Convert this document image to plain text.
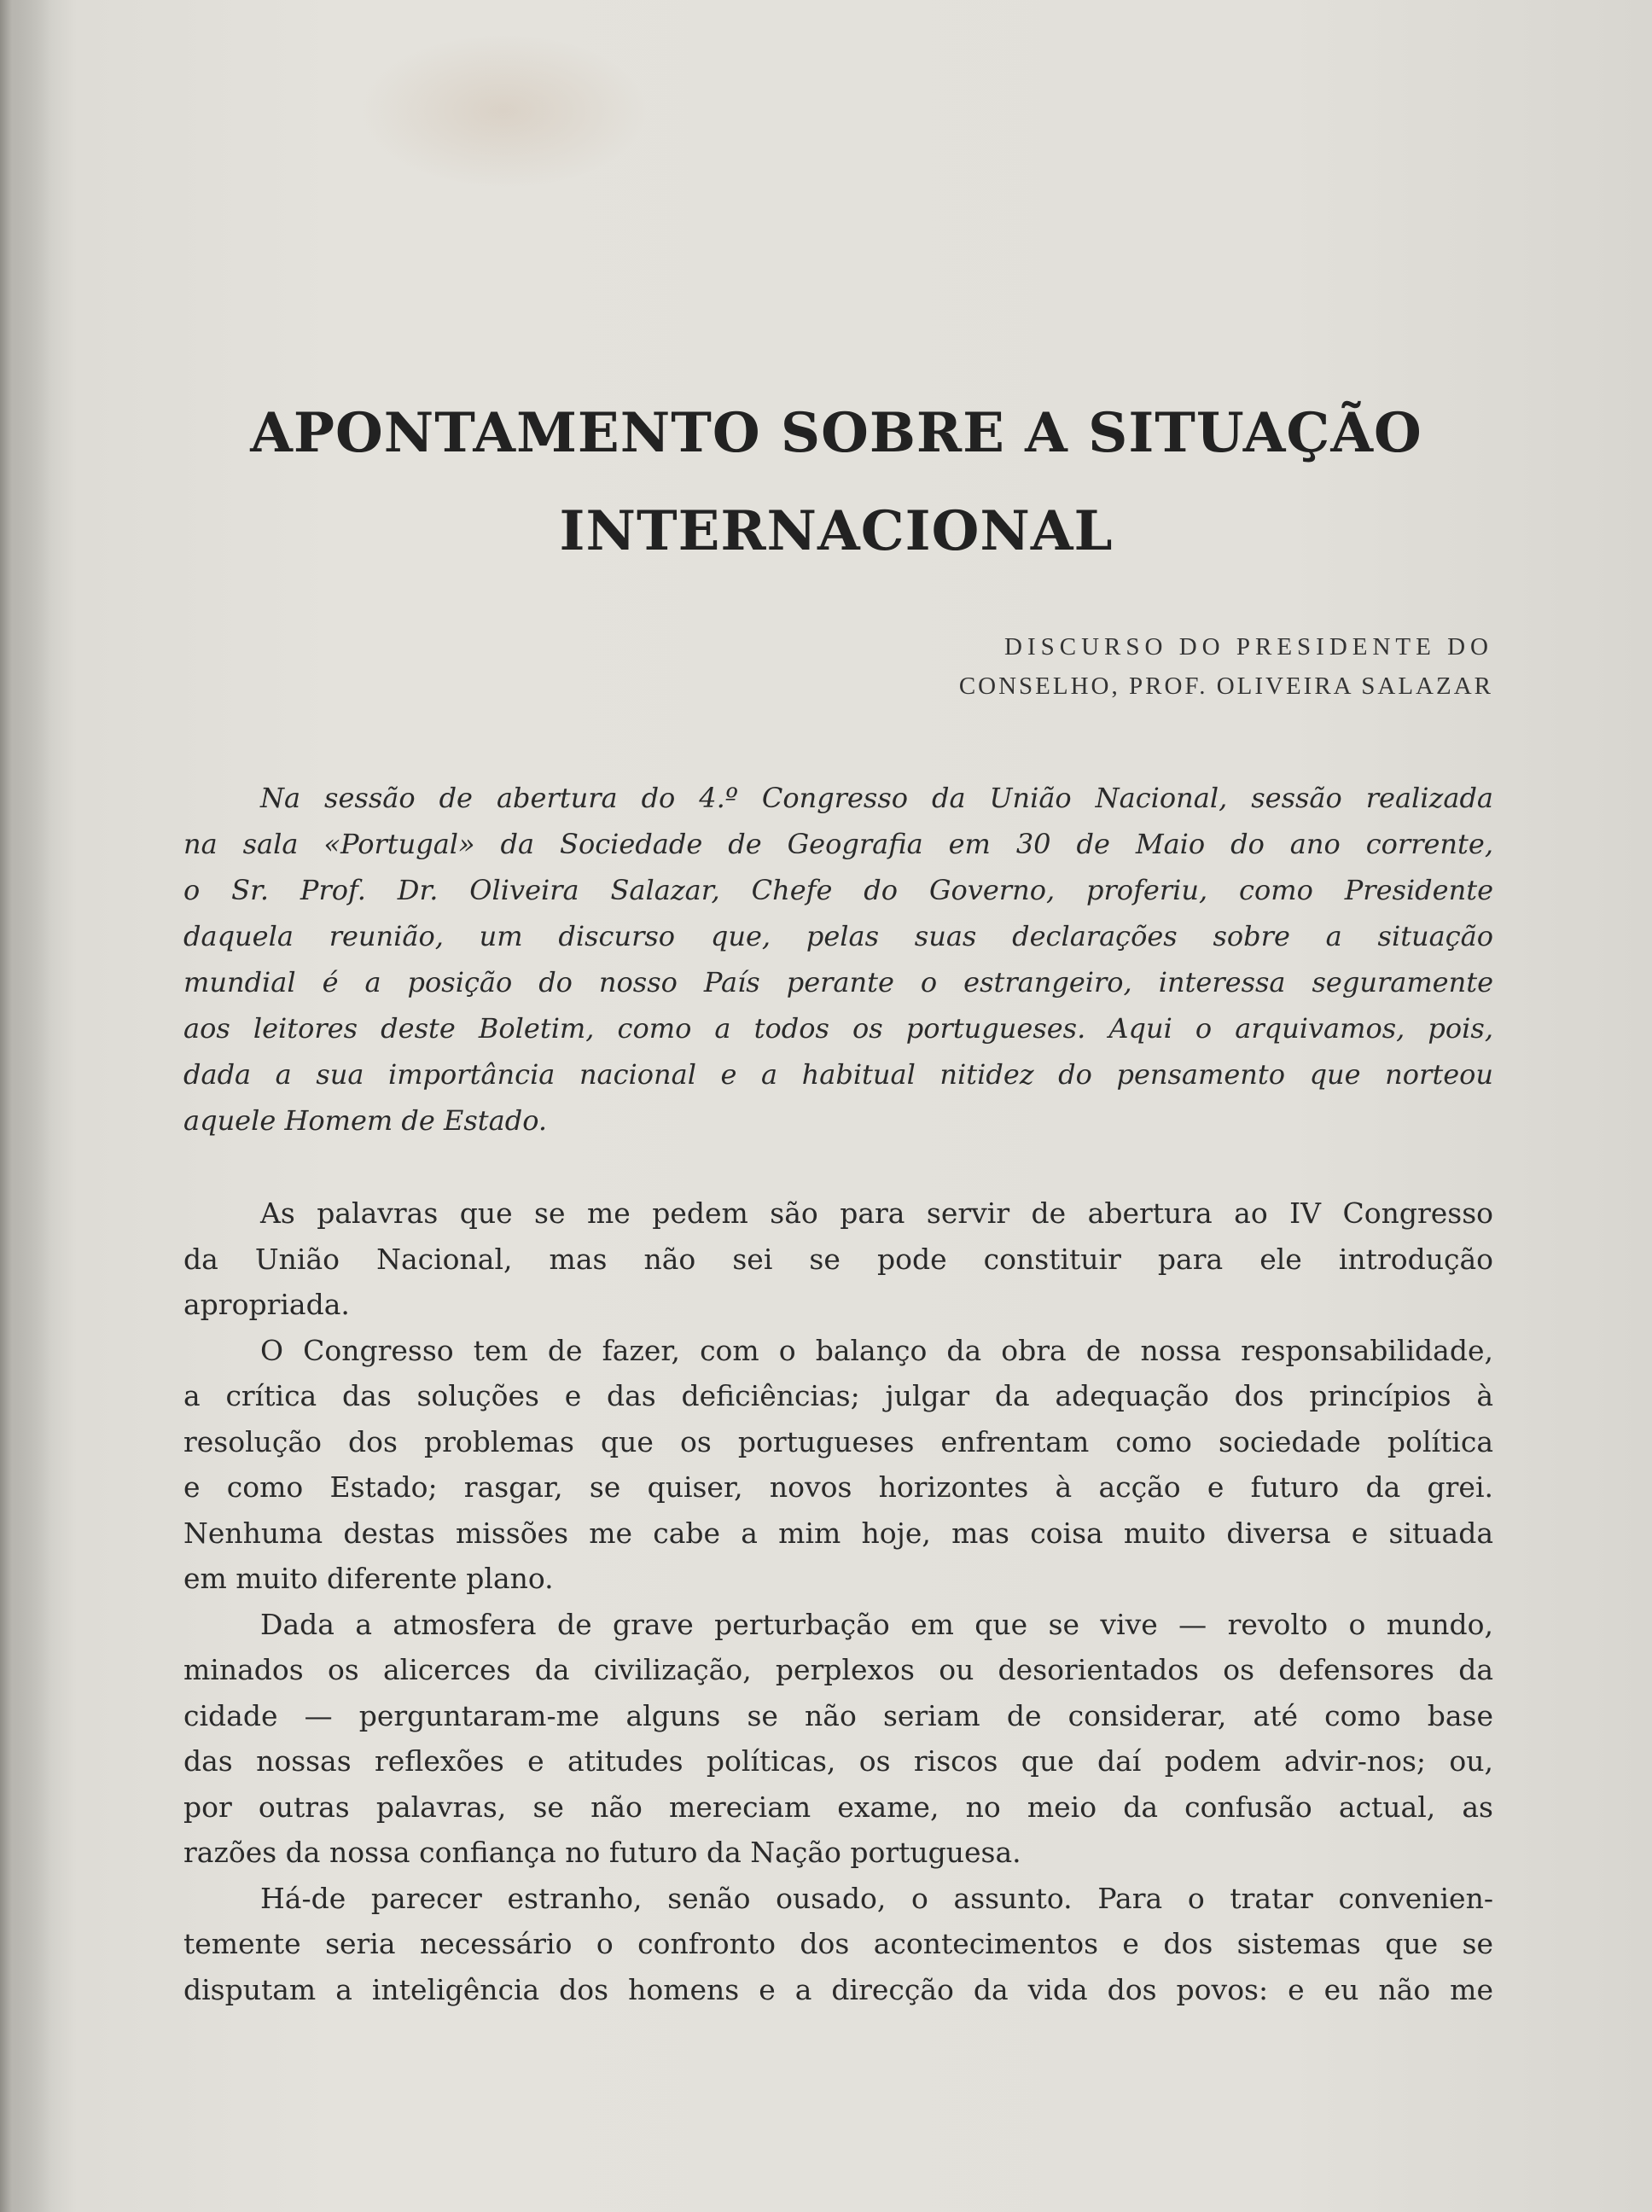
APONTAMENTO SOBRE A SITUAÇÃO
INTERNACIONAL

DISCURSO DO PRESIDENTE DO

CONSELHO, PROF. OLIVEIRA SALAZAR

Na sessão de abertura do 4.º Congresso da União Nacional, sessão realizada
na sala «Portugal» da Sociedade de Geografia em 30 de Maio do ano corrente,
o Sr. Prof. Dr. Oliveira Salazar, Chefe do Governo, proferiu, como Presidente
daquela reunião, um discurso que, pelas suas declarações sobre a situação
mundial é a posição do nosso País perante o estrangeiro, interessa seguramente
aos leitores deste Boletim, como a todos os portugueses. Aqui o arquivamos, pois,
dada a sua importância nacional e a habitual nitidez do pensamento que norteou
aquele Homem de Estado.
As palavras que se me pedem são para servir de abertura ao IV Congresso
da União Nacional, mas não sei se pode constituir para ele introdução
apropriada.
O Congresso tem de fazer, com o balanço da obra de nossa responsabilidade,
a crítica das soluções e das deficiências; julgar da adequação dos princípios à
resolução dos problemas que os portugueses enfrentam como sociedade política
e como Estado; rasgar, se quiser, novos horizontes à acção e futuro da grei.
Nenhuma destas missões me cabe a mim hoje, mas coisa muito diversa e situada
em muito diferente plano.
Dada a atmosfera de grave perturbação em que se vive — revolto o mundo,
minados os alicerces da civilização, perplexos ou desorientados os defensores da
cidade — perguntaram-me alguns se não seriam de considerar, até como base
das nossas reflexões e atitudes políticas, os riscos que daí podem advir-nos; ou,
por outras palavras, se não mereciam exame, no meio da confusão actual, as
razões da nossa confiança no futuro da Nação portuguesa.
Há-de parecer estranho, senão ousado, o assunto. Para o tratar convenien-
temente seria necessário o confronto dos acontecimentos e dos sistemas que se
disputam a inteligência dos homens e a direcção da vida dos povos: e eu não me
